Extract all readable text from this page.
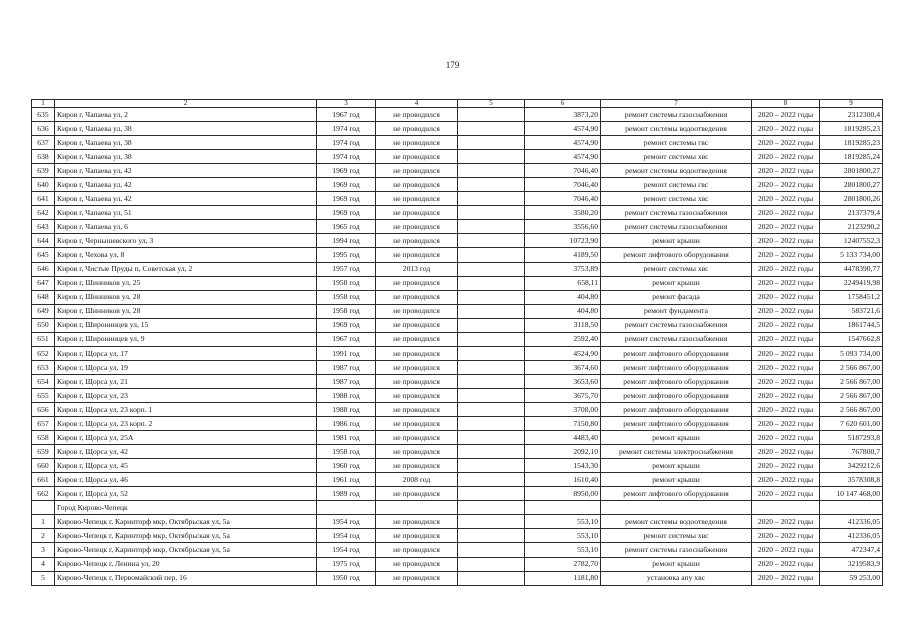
179
1	2	3	4	5	6	7	8	9
635	Киров г, Чапаева ул, 2	1967 год	не проводился		3873,20	ремонт системы газоснабжения	2020 – 2022 годы	2312300,4
636	Киров г, Чапаева ул, 38	1974 год	не проводился		4574,90	ремонт системы водоотведения	2020 – 2022 годы	1819285,23
637	Киров г, Чапаева ул, 38	1974 год	не проводился		4574,90	ремонт системы гвс	2020 – 2022 годы	1819285,23
638	Киров г, Чапаева ул, 38	1974 год	не проводился		4574,90	ремонт системы хвс	2020 – 2022 годы	1819285,24
639	Киров г, Чапаева ул, 42	1969 год	не проводился		7046,40	ремонт системы водоотведения	2020 – 2022 годы	2801800,27
640	Киров г, Чапаева ул, 42	1969 год	не проводился		7046,40	ремонт системы гвс	2020 – 2022 годы	2801800,27
641	Киров г, Чапаева ул, 42	1969 год	не проводился		7046,40	ремонт системы хвс	2020 – 2022 годы	2801800,26
642	Киров г, Чапаева ул, 51	1969 год	не проводился		3580,20	ремонт системы газоснабжения	2020 – 2022 годы	2137379,4
643	Киров г, Чапаева ул, 6	1965 год	не проводился		3556,60	ремонт системы газоснабжения	2020 – 2022 годы	2123290,2
644	Киров г, Чернышевского ул, 3	1994 год	не проводился		10723,90	ремонт крыши	2020 – 2022 годы	12407552,3
645	Киров г, Чехова ул, 8	1995 год	не проводился		4189,50	ремонт лифтового оборудования	2020 – 2022 годы	5 133 734,00
646	Киров г, Чистые Пруды п, Советская ул, 2	1957 год	2013 год		3753,89	ремонт системы хвс	2020 – 2022 годы	4478390,77
647	Киров г, Шинников ул, 25	1958 год	не проводился		658,11	ремонт крыши	2020 – 2022 годы	2249419,98
648	Киров г, Шинников ул, 28	1958 год	не проводился		404,80	ремонт фасада	2020 – 2022 годы	1758451,2
649	Киров г, Шинников ул, 28	1958 год	не проводился		404,80	ремонт фундамента	2020 – 2022 годы	583721,6
650	Киров г, Широнинцев ул, 15	1969 год	не проводился		3118,50	ремонт системы газоснабжения	2020 – 2022 годы	1861744,5
651	Киров г, Широнинцев ул, 9	1967 год	не проводился		2592,40	ремонт системы газоснабжения	2020 – 2022 годы	1547662,8
652	Киров г, Щорса ул, 17	1991 год	не проводился		4524,90	ремонт лифтового оборудования	2020 – 2022 годы	5 093 734,00
653	Киров г, Щорса ул, 19	1987 год	не проводился		3674,60	ремонт лифтового оборудования	2020 – 2022 годы	2 566 867,00
654	Киров г, Щорса ул, 21	1987 год	не проводился		3653,60	ремонт лифтового оборудования	2020 – 2022 годы	2 566 867,00
655	Киров г, Щорса ул, 23	1988 год	не проводился		3675,70	ремонт лифтового оборудования	2020 – 2022 годы	2 566 867,00
656	Киров г, Щорса ул, 23 корп. 1	1988 год	не проводился		3708,00	ремонт лифтового оборудования	2020 – 2022 годы	2 566 867,00
657	Киров г, Щорса ул, 23 корп. 2	1986 год	не проводился		7150,80	ремонт лифтового оборудования	2020 – 2022 годы	7 620 601,00
658	Киров г, Щорса ул, 25А	1981 год	не проводился		4483,40	ремонт крыши	2020 – 2022 годы	5187293,8
659	Киров г, Щорса ул, 42	1958 год	не проводился		2092,10	ремонт системы электроснабжения	2020 – 2022 годы	767800,7
660	Киров г, Щорса ул, 45	1960 год	не проводился		1543,30	ремонт крыши	2020 – 2022 годы	3429212,6
661	Киров г, Щорса ул, 46	1961 год	2008 год		1610,40	ремонт крыши	2020 – 2022 годы	3578308,8
662	Киров г, Щорса ул, 52	1989 год	не проводился		8950,00	ремонт лифтового оборудования	2020 – 2022 годы	10 147 468,00
	Город Кирово-Чепецк							
1	Кирово-Чепецк г, Каринторф мкр, Октябрьская ул, 5а	1954 год	не проводился		553,10	ремонт системы водоотведения	2020 – 2022 годы	412336,05
2	Кирово-Чепецк г, Каринторф мкр, Октябрьская ул, 5а	1954 год	не проводился		553,10	ремонт системы хвс	2020 – 2022 годы	412336,05
3	Кирово-Чепецк г, Каринторф мкр, Октябрьская ул, 5а	1954 год	не проводился		553,10	ремонт системы газоснабжения	2020 – 2022 годы	472347,4
4	Кирово-Чепецк г, Ленина ул, 20	1975 год	не проводился		2782,70	ремонт крыши	2020 – 2022 годы	3219583,9
5	Кирово-Чепецк г, Первомайский пер, 16	1950 год	не проводился		1181,80	установка апу хвс	2020 – 2022 годы	59 253,00
